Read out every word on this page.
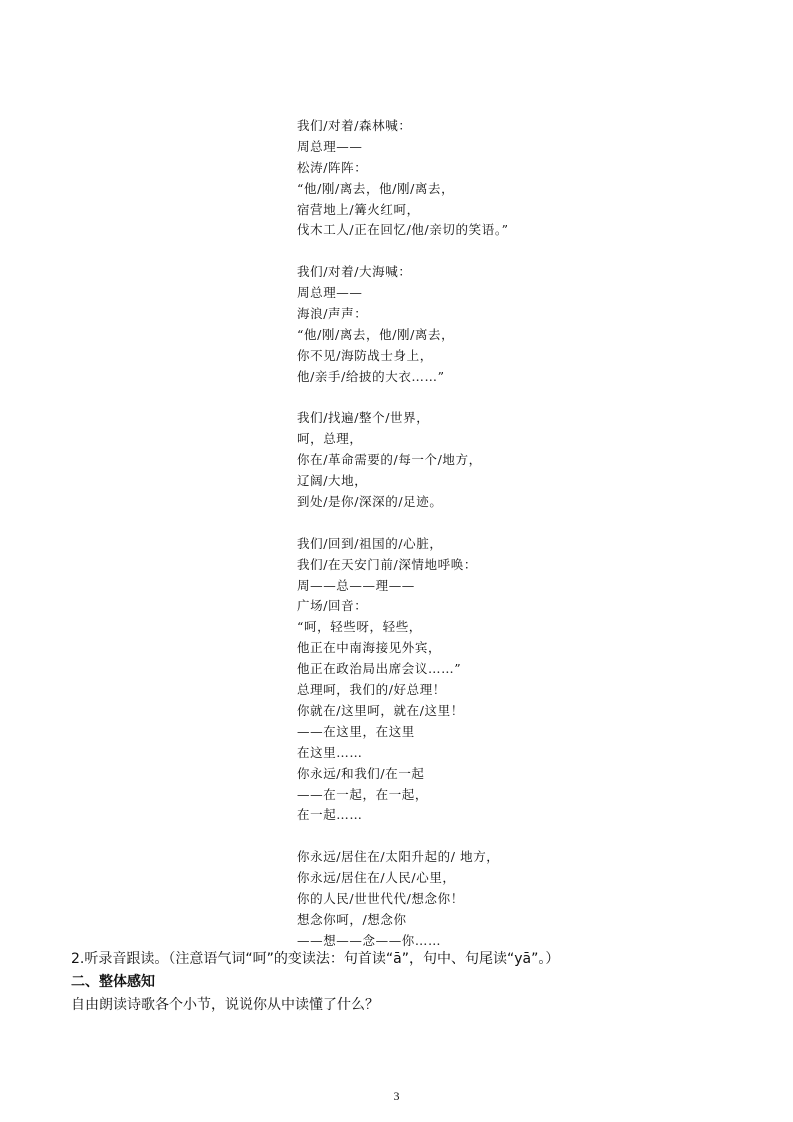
我们/对着/森林喊：
周总理——
松涛/阵阵：
“他/刚/离去，他/刚/离去，
宿营地上/篝火红呵，
伐木工人/正在回忆/他/亲切的笑语。”
我们/对着/大海喊：
周总理——
海浪/声声：
“他/刚/离去，他/刚/离去，
你不见/海防战士身上，
他/亲手/给披的大衣……”
我们/找遍/整个/世界，
呵，总理，
你在/革命需要的/每一个/地方，
辽阔/大地，
到处/是你/深深的/足迹。
我们/回到/祖国的/心脏，
我们/在天安门前/深情地呼唤：
周——总——理——
广场/回音：
“呵，轻些呀，轻些，
他正在中南海接见外宾，
他正在政治局出席会议……”
总理呵，我们的/好总理！
你就在/这里呵，就在/这里！
——在这里，在这里
在这里……
你永远/和我们/在一起
——在一起，在一起，
在一起……
你永远/居住在/太阳升起的/ 地方，
你永远/居住在/人民/心里，
你的人民/世世代代/想念你！
想念你呵，/想念你
——想——念——你……
2.听录音跟读。（注意语气词“呵”的变读法：句首读“ā”，句中、句尾读“yā”。）
二、整体感知
自由朗读诗歌各个小节，说说你从中读懂了什么？
3
